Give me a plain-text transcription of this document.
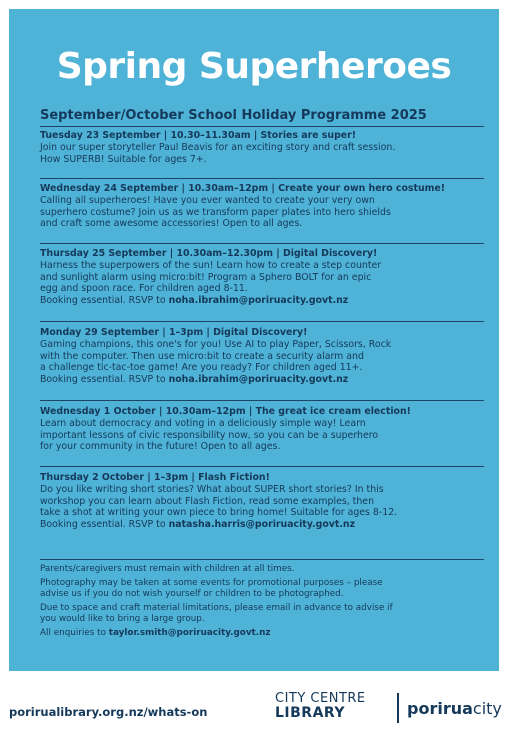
Spring Superheroes
September/October School Holiday Programme 2025

Tuesday 23 September | 10.30–11.30am | Stories are super!

Join our super storyteller Paul Beavis for an exciting story and craft session.

How SUPERB! Suitable for ages 7+.

Wednesday 24 September | 10.30am–12pm | Create your own hero costume!

Calling all superheroes! Have you ever wanted to create your very own

superhero costume? Join us as we transform paper plates into hero shields

and craft some awesome accessories! Open to all ages.

Thursday 25 September | 10.30am–12.30pm | Digital Discovery!

Harness the superpowers of the sun! Learn how to create a step counter

and sunlight alarm using micro:bit! Program a Sphero BOLT for an epic

egg and spoon race. For children aged 8-11.

Booking essential. RSVP to noha.ibrahim@poriruacity.govt.nz

Monday 29 September | 1–3pm | Digital Discovery!

Gaming champions, this one's for you! Use AI to play Paper, Scissors, Rock

with the computer. Then use micro:bit to create a security alarm and

a challenge tic-tac-toe game! Are you ready? For children aged 11+.

Booking essential. RSVP to noha.ibrahim@poriruacity.govt.nz

Wednesday 1 October | 10.30am–12pm | The great ice cream election!

Learn about democracy and voting in a deliciously simple way! Learn

important lessons of civic responsibility now, so you can be a superhero

for your community in the future! Open to all ages.

Thursday 2 October | 1–3pm | Flash Fiction!

Do you like writing short stories? What about SUPER short stories? In this

workshop you can learn about Flash Fiction, read some examples, then

take a shot at writing your own piece to bring home! Suitable for ages 8-12.

Booking essential. RSVP to natasha.harris@poriruacity.govt.nz

Parents/caregivers must remain with children at all times.

Photography may be taken at some events for promotional purposes – please
advise us if you do not wish yourself or children to be photographed.

Due to space and craft material limitations, please email in advance to advise if
you would like to bring a large group.

All enquiries to taylor.smith@poriruacity.govt.nz

porirualibrary.org.nz/whats-on
CITY CENTRE
LIBRARY	poriruacity
